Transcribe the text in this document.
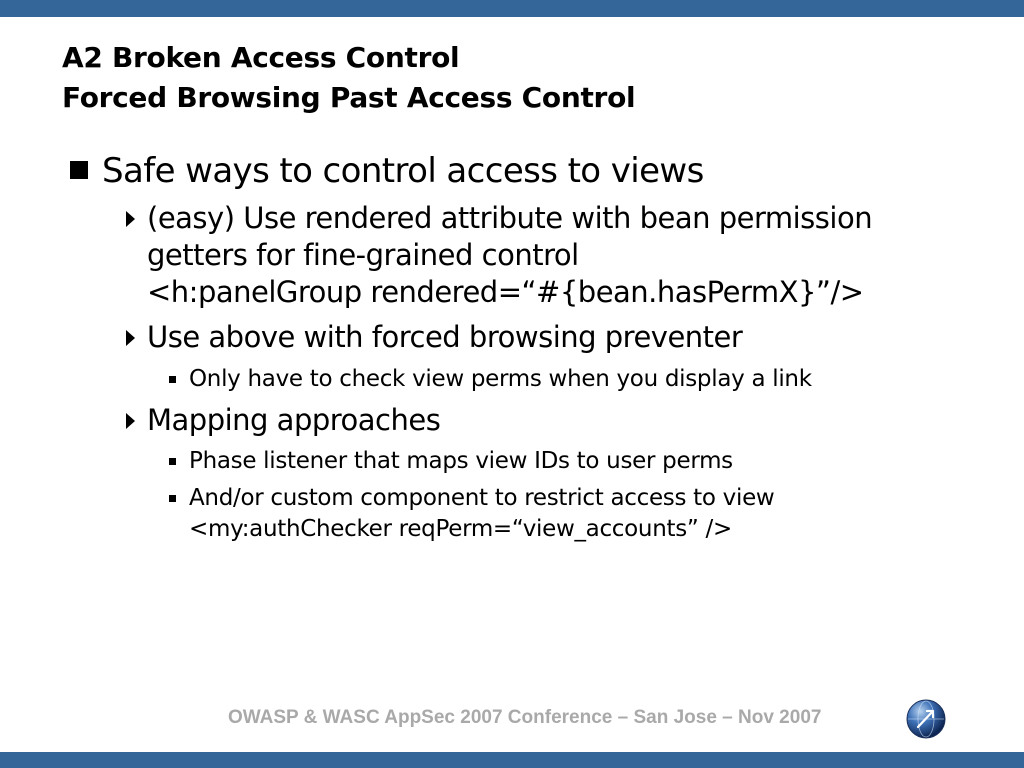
A2 Broken Access Control
Forced Browsing Past Access Control
Safe ways to control access to views
(easy) Use rendered attribute with bean permission
getters for fine-grained control
<h:panelGroup rendered=“#{bean.hasPermX}”/>
Use above with forced browsing preventer
Only have to check view perms when you display a link
Mapping approaches
Phase listener that maps view IDs to user perms
And/or custom component to restrict access to view
<my:authChecker reqPerm=“view_accounts” />
OWASP & WASC AppSec 2007 Conference – San Jose – Nov 2007
